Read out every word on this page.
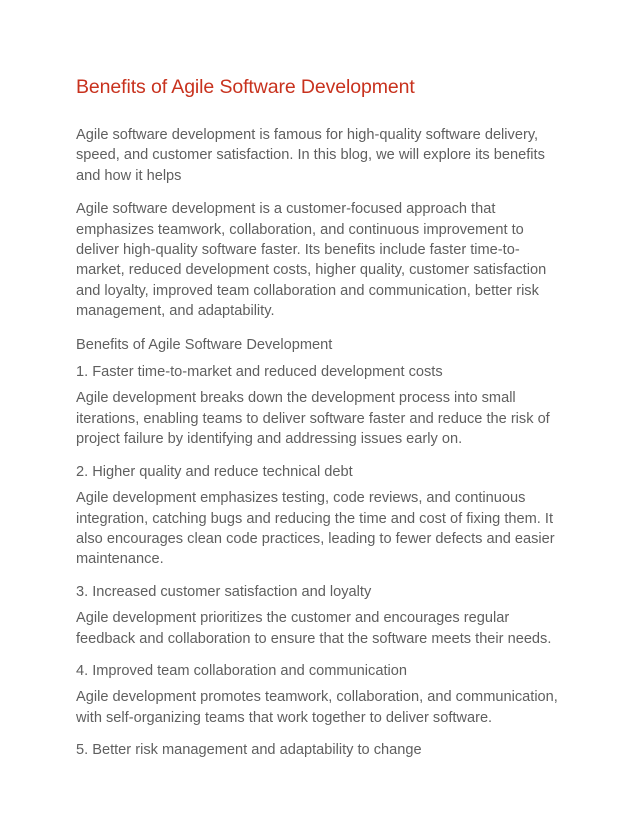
Benefits of Agile Software Development

Agile software development is famous for high-quality software delivery, speed, and customer satisfaction. In this blog, we will explore its benefits and how it helps

Agile software development is a customer-focused approach that emphasizes teamwork, collaboration, and continuous improvement to deliver high-quality software faster. Its benefits include faster time-to-market, reduced development costs, higher quality, customer satisfaction and loyalty, improved team collaboration and communication, better risk management, and adaptability.

Benefits of Agile Software Development

1. Faster time-to-market and reduced development costs

Agile development breaks down the development process into small iterations, enabling teams to deliver software faster and reduce the risk of project failure by identifying and addressing issues early on.

2. Higher quality and reduce technical debt

Agile development emphasizes testing, code reviews, and continuous integration, catching bugs and reducing the time and cost of fixing them. It also encourages clean code practices, leading to fewer defects and easier maintenance.

3. Increased customer satisfaction and loyalty

Agile development prioritizes the customer and encourages regular feedback and collaboration to ensure that the software meets their needs.

4. Improved team collaboration and communication

Agile development promotes teamwork, collaboration, and communication, with self-organizing teams that work together to deliver software.

5. Better risk management and adaptability to change
